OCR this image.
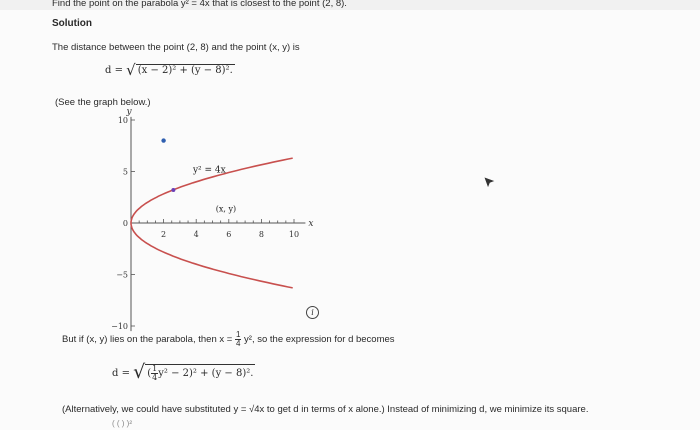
Find the point on the parabola y² = 4x that is closest to the point (2, 8).
Solution
The distance between the point (2, 8) and the point (x, y) is
d = √ (x − 2)² + (y − 8)².
(See the graph below.)
10
5
0
−5
−10
2	4	6	8	10
y
x
y² = 4x
(x, y)
i
But if (x, y) lies on the parabola, then $x = \frac{1}{4} y^2$, so the expression for d becomes
d = √ ( $\frac{1}{4} y^2 - 2)^2 + (y - 8)^2$.
(Alternatively, we could have substituted y = √4x to get d in terms of x alone.) Instead of minimizing d, we minimize its square.
( ( ) )²
